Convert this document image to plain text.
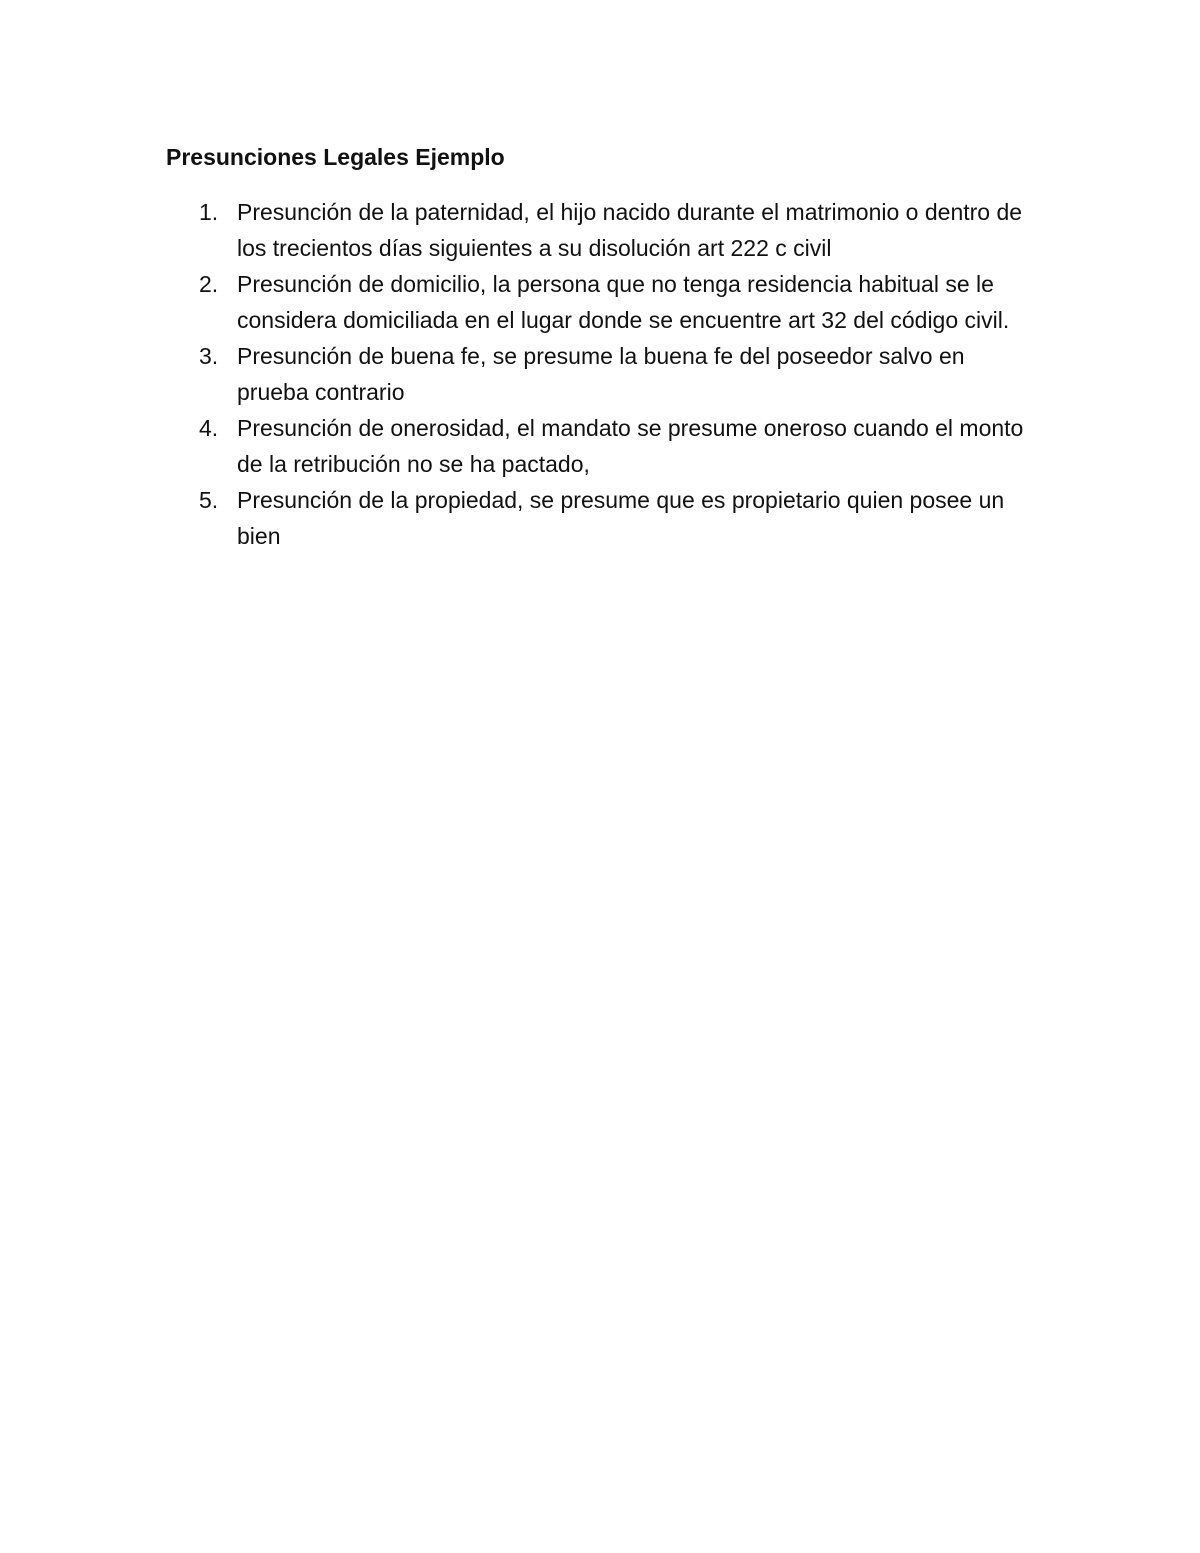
Presunciones Legales Ejemplo
1. Presunción de la paternidad, el hijo nacido durante el matrimonio o dentro de los trecientos días siguientes a su disolución art 222 c civil
2. Presunción de domicilio, la persona que no tenga residencia habitual se le considera domiciliada en el lugar donde se encuentre art 32 del código civil.
3. Presunción de buena fe, se presume la buena fe del poseedor salvo en prueba contrario
4. Presunción de onerosidad, el mandato se presume oneroso cuando el monto de la retribución no se ha pactado,
5. Presunción de la propiedad, se presume que es propietario quien posee un bien
